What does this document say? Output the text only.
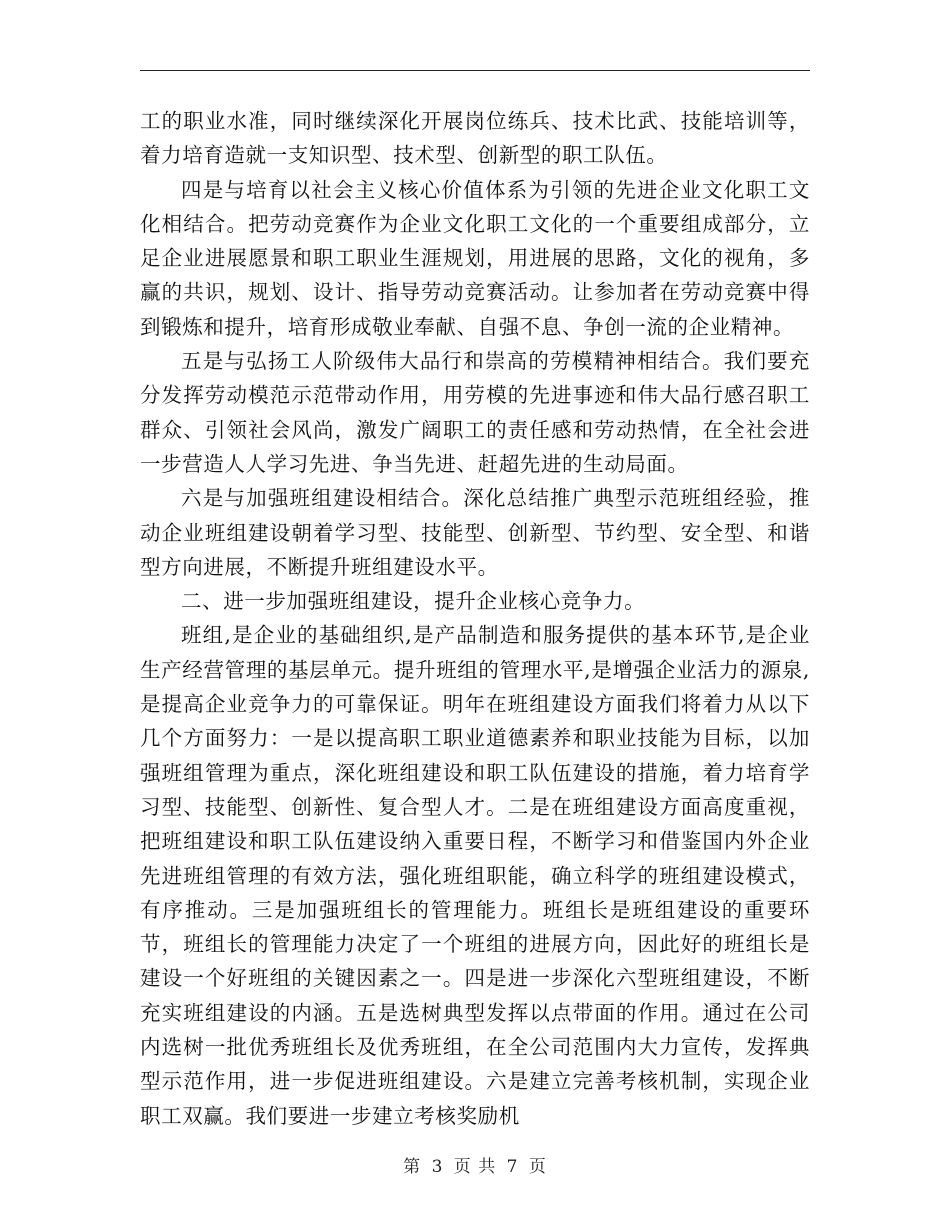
工的职业水准，同时继续深化开展岗位练兵、技术比武、技能培训等，着力培育造就一支知识型、技术型、创新型的职工队伍。

四是与培育以社会主义核心价值体系为引领的先进企业文化职工文化相结合。把劳动竞赛作为企业文化职工文化的一个重要组成部分，立足企业进展愿景和职工职业生涯规划，用进展的思路，文化的视角，多赢的共识，规划、设计、指导劳动竞赛活动。让参加者在劳动竞赛中得到锻炼和提升，培育形成敬业奉献、自强不息、争创一流的企业精神。

五是与弘扬工人阶级伟大品行和崇高的劳模精神相结合。我们要充分发挥劳动模范示范带动作用，用劳模的先进事迹和伟大品行感召职工群众、引领社会风尚，激发广阔职工的责任感和劳动热情，在全社会进一步营造人人学习先进、争当先进、赶超先进的生动局面。

六是与加强班组建设相结合。深化总结推广典型示范班组经验，推动企业班组建设朝着学习型、技能型、创新型、节约型、安全型、和谐型方向进展，不断提升班组建设水平。

二、进一步加强班组建设，提升企业核心竞争力。

班组,是企业的基础组织,是产品制造和服务提供的基本环节,是企业生产经营管理的基层单元。提升班组的管理水平,是增强企业活力的源泉,是提高企业竞争力的可靠保证。明年在班组建设方面我们将着力从以下几个方面努力：一是以提高职工职业道德素养和职业技能为目标，以加强班组管理为重点，深化班组建设和职工队伍建设的措施，着力培育学习型、技能型、创新性、复合型人才。二是在班组建设方面高度重视，把班组建设和职工队伍建设纳入重要日程，不断学习和借鉴国内外企业先进班组管理的有效方法，强化班组职能，确立科学的班组建设模式，有序推动。三是加强班组长的管理能力。班组长是班组建设的重要环节，班组长的管理能力决定了一个班组的进展方向，因此好的班组长是建设一个好班组的关键因素之一。四是进一步深化六型班组建设，不断充实班组建设的内涵。五是选树典型发挥以点带面的作用。通过在公司内选树一批优秀班组长及优秀班组，在全公司范围内大力宣传，发挥典型示范作用，进一步促进班组建设。六是建立完善考核机制，实现企业职工双赢。我们要进一步建立考核奖励机

第 3 页 共 7 页
